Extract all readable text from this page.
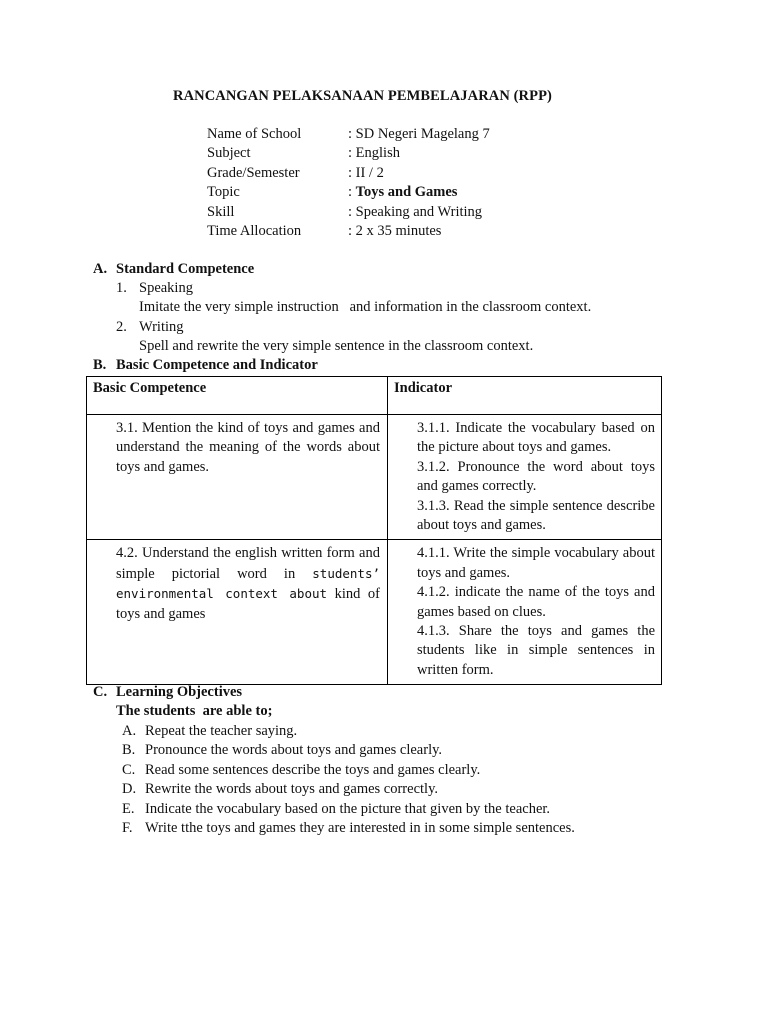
RANCANGAN PELAKSANAAN PEMBELAJARAN (RPP)
Name of School	: SD Negeri Magelang 7
Subject	: English
Grade/Semester	: II / 2
Topic	: Toys and Games
Skill	: Speaking and Writing
Time Allocation	: 2 x 35 minutes
A. Standard Competence
1. Speaking
Imitate the very simple instruction   and information in the classroom context.
2. Writing
Spell and rewrite the very simple sentence in the classroom context.
B. Basic Competence and Indicator
Basic Competence	Indicator

3.1. Mention the kind of toys and games and understand the meaning of the words about toys and games.	3.1.1. Indicate the vocabulary based on the picture about toys and games.

3.1.2. Pronounce the word about toys and games correctly.

3.1.3. Read the simple sentence describe about toys and games.

4.2. Understand the english written form and simple pictorial word in students’ environmental context about kind of toys and games	4.1.1. Write the simple vocabulary about toys and games.

4.1.2. indicate the name of the toys and games based on clues.

4.1.3. Share the toys and games the students like in simple sentences in written form.

C. Learning Objectives
The students  are able to;
A. Repeat the teacher saying.
B. Pronounce the words about toys and games clearly.
C. Read some sentences describe the toys and games clearly.
D. Rewrite the words about toys and games correctly.
E. Indicate the vocabulary based on the picture that given by the teacher.
F. Write tthe toys and games they are interested in in some simple sentences.
